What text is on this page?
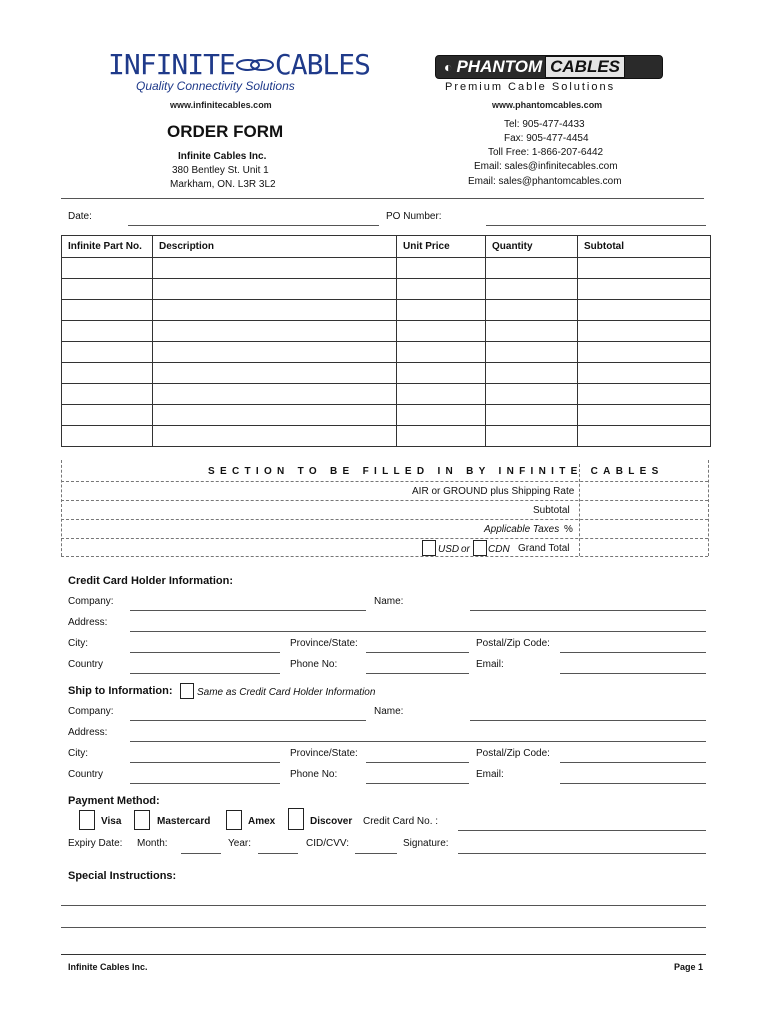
INFINITE CABLES
Quality Connectivity Solutions
www.infinitecables.com
◐ PHANTOM CABLES
Premium Cable Solutions
www.phantomcables.com
ORDER FORM
Infinite Cables Inc.
380 Bentley St. Unit 1
Markham, ON. L3R 3L2
Tel: 905-477-4433
Fax: 905-477-4454
Toll Free: 1-866-207-6442
Email: sales@infinitecables.com
Email: sales@phantomcables.com
Date:	PO Number:
Infinite Part No.	Description	Unit Price	Quantity	Subtotal

SECTION TO BE FILLED IN BY INFINITE CABLES
AIR or GROUND plus Shipping Rate
Subtotal
Applicable Taxes %
USD or CDN Grand Total
Credit Card Holder Information:
Company:	Name:
Address:
City:	Province/State:	Postal/Zip Code:
Country	Phone No:	Email:
Ship to Information: Same as Credit Card Holder Information
Company:	Name:
Address:
City:	Province/State:	Postal/Zip Code:
Country	Phone No:	Email:
Payment Method:
Visa	Mastercard	Amex	Discover Credit Card No. :
Expiry Date: Month:	Year:	CID/CVV:	Signature:
Special Instructions:
Infinite Cables Inc.	Page 1
